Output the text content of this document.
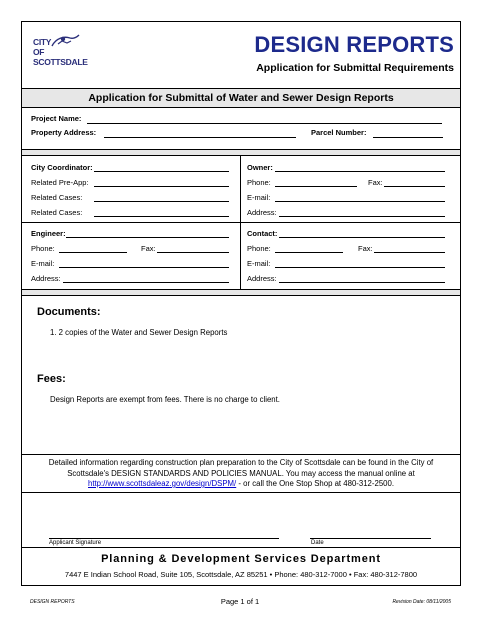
CITY
OF
SCOTTSDALE
DESIGN REPORTS
Application for Submittal Requirements
Application for Submittal of Water and Sewer Design Reports
Project Name:
Property Address:	Parcel Number:
City Coordinator:
Related Pre-App:
Related Cases:
Related Cases:
Owner:
Phone:	Fax:
E-mail:
Address:
Engineer:
Phone:	Fax:
E-mail:
Address:
Contact:
Phone:	Fax:
E-mail:
Address:
Documents:
1. 2 copies of the Water and Sewer Design Reports
Fees:
Design Reports are exempt from fees. There is no charge to client.
Detailed information regarding construction plan preparation to the City of Scottsdale can be found in the City of
Scottsdale's DESIGN STANDARDS AND POLICIES MANUAL. You may access the manual online at
http://www.scottsdaleaz.gov/design/DSPM/ - or call the One Stop Shop at 480-312-2500.
Applicant Signature	Date
Planning & Development Services Department
7447 E Indian School Road, Suite 105, Scottsdale, AZ 85251 • Phone: 480-312-7000 • Fax: 480-312-7800
DESIGN REPORTS	Page 1 of 1	Revision Date: 08/11/2005
